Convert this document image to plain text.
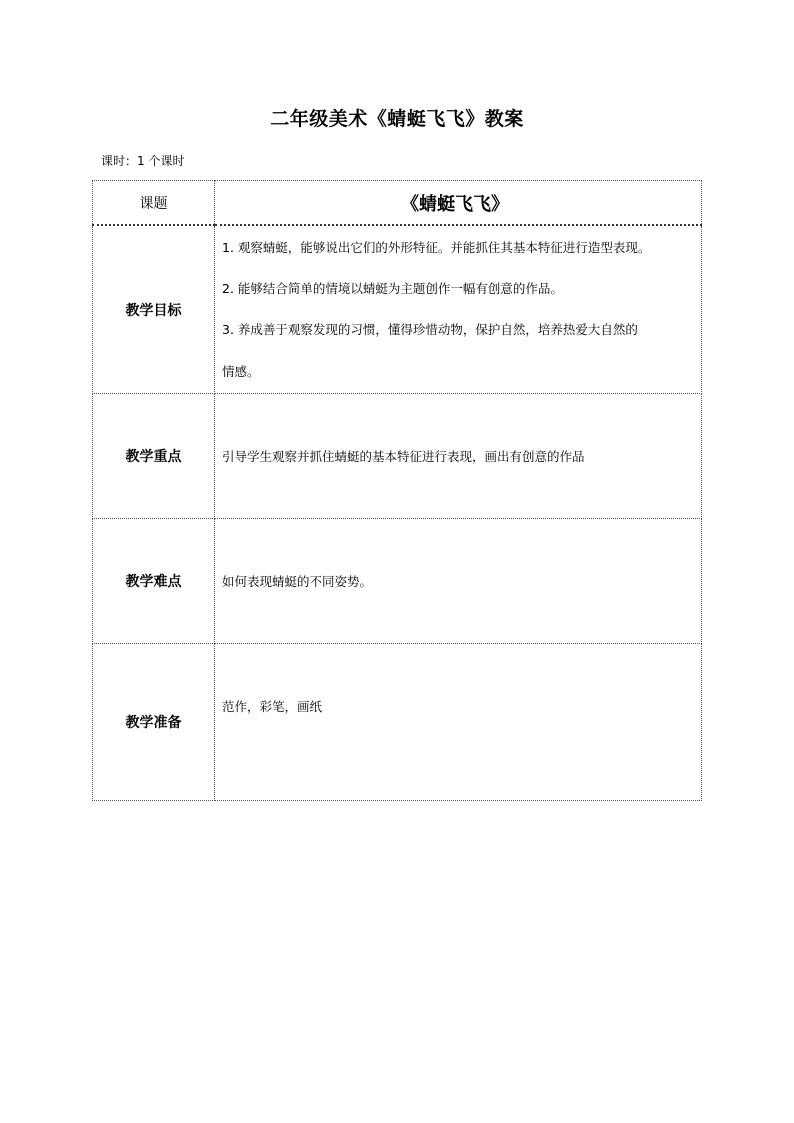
二年级美术《蜻蜓飞飞》教案
课时：1 个课时
课题	《蜻蜓飞飞》
教学目标	1. 观察蜻蜓，能够说出它们的外形特征。并能抓住其基本特征进行造型表现。
2. 能够结合简单的情境以蜻蜓为主题创作一幅有创意的作品。
3. 养成善于观察发现的习惯，懂得珍惜动物，保护自然，培养热爱大自然的
情感。

教学重点	引导学生观察并抓住蜻蜓的基本特征进行表现，画出有创意的作品
教学难点	如何表现蜻蜓的不同姿势。
教学准备	范作，彩笔，画纸
